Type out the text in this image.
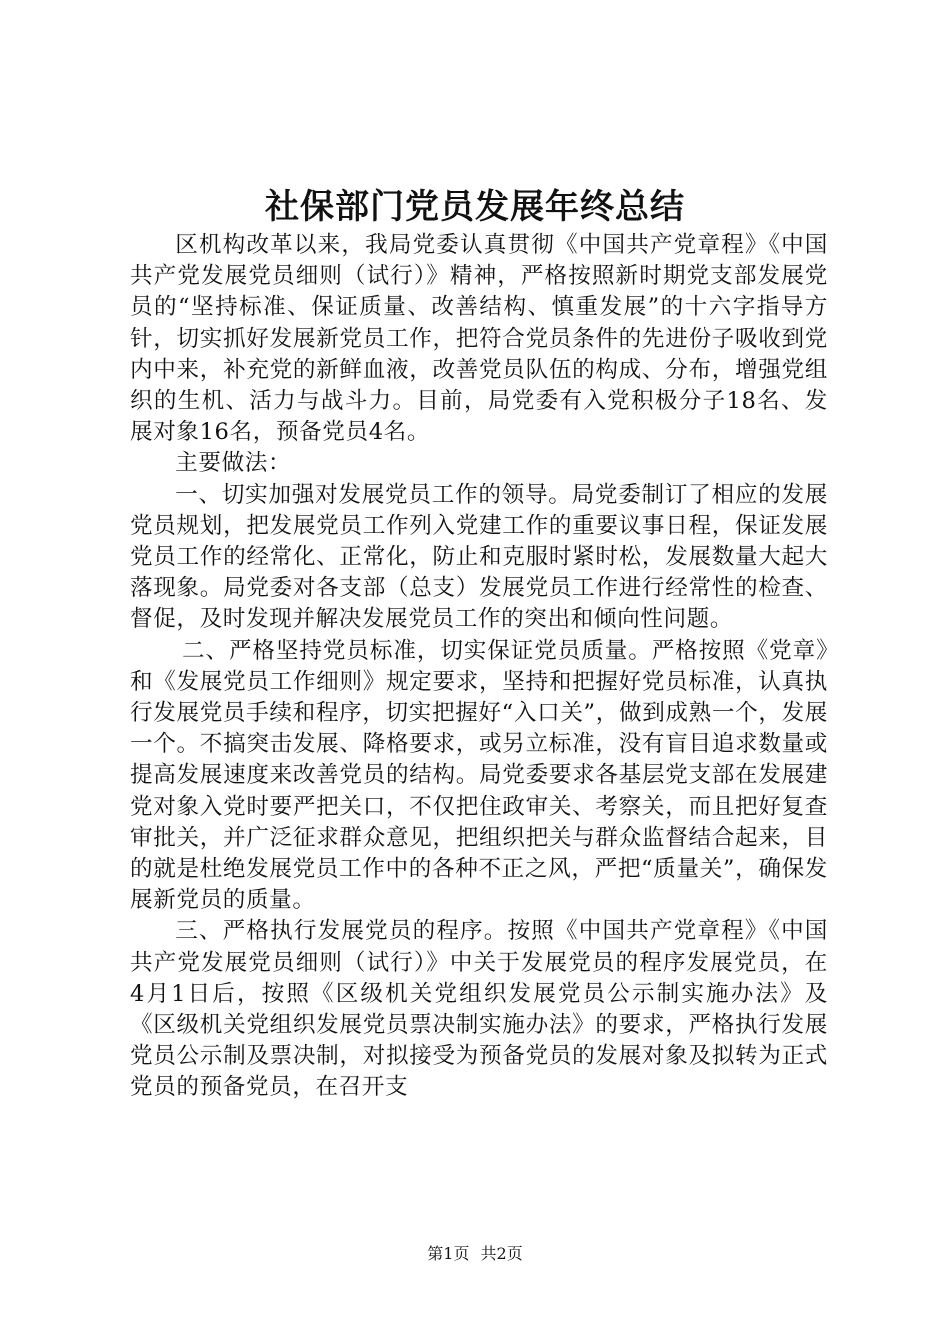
社保部门党员发展年终总结

区机构改革以来，我局党委认真贯彻《中国共产党章程》《中国共产党发展党员细则（试行）》精神，严格按照新时期党支部发展党员的“坚持标准、保证质量、改善结构、慎重发展”的十六字指导方针，切实抓好发展新党员工作，把符合党员条件的先进份子吸收到党内中来，补充党的新鲜血液，改善党员队伍的构成、分布，增强党组织的生机、活力与战斗力。目前，局党委有入党积极分子18名、发展对象16名，预备党员4名。

主要做法：

一、切实加强对发展党员工作的领导。局党委制订了相应的发展党员规划，把发展党员工作列入党建工作的重要议事日程，保证发展党员工作的经常化、正常化，防止和克服时紧时松，发展数量大起大落现象。局党委对各支部（总支）发展党员工作进行经常性的检查、督促，及时发现并解决发展党员工作的突出和倾向性问题。

二、严格坚持党员标准，切实保证党员质量。严格按照《党章》和《发展党员工作细则》规定要求，坚持和把握好党员标准，认真执行发展党员手续和程序，切实把握好“入口关”，做到成熟一个，发展一个。不搞突击发展、降格要求，或另立标准，没有盲目追求数量或提高发展速度来改善党员的结构。局党委要求各基层党支部在发展建党对象入党时要严把关口，不仅把住政审关、考察关，而且把好复查审批关，并广泛征求群众意见，把组织把关与群众监督结合起来，目的就是杜绝发展党员工作中的各种不正之风，严把“质量关”，确保发展新党员的质量。

三、严格执行发展党员的程序。按照《中国共产党章程》《中国共产党发展党员细则（试行）》中关于发展党员的程序发展党员，在4月1日后，按照《区级机关党组织发展党员公示制实施办法》及《区级机关党组织发展党员票决制实施办法》的要求，严格执行发展党员公示制及票决制，对拟接受为预备党员的发展对象及拟转为正式党员的预备党员，在召开支

第1页 共2页
